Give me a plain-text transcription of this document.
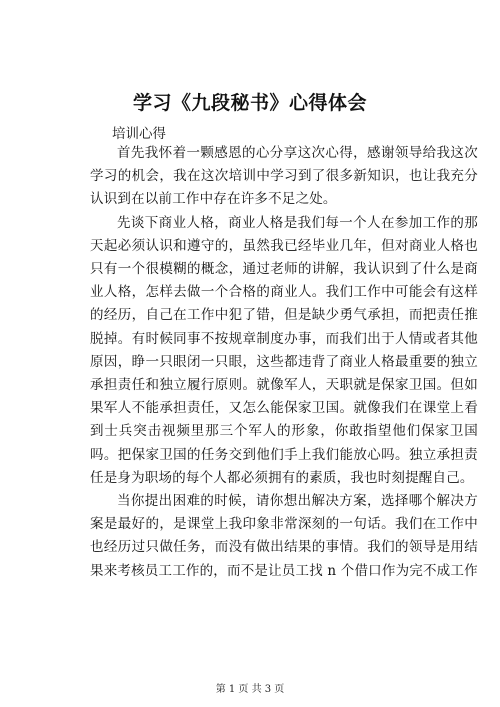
学习《九段秘书》心得体会
培训心得

首先我怀着一颗感恩的心分享这次心得，感谢领导给我这次学习的机会，我在这次培训中学习到了很多新知识，也让我充分认识到在以前工作中存在许多不足之处。

先谈下商业人格，商业人格是我们每一个人在参加工作的那天起必须认识和遵守的，虽然我已经毕业几年，但对商业人格也只有一个很模糊的概念，通过老师的讲解，我认识到了什么是商业人格，怎样去做一个合格的商业人。我们工作中可能会有这样的经历，自己在工作中犯了错，但是缺少勇气承担，而把责任推脱掉。有时候同事不按规章制度办事，而我们出于人情或者其他原因，睁一只眼闭一只眼，这些都违背了商业人格最重要的独立承担责任和独立履行原则。就像军人，天职就是保家卫国。但如果军人不能承担责任，又怎么能保家卫国。就像我们在课堂上看到士兵突击视频里那三个军人的形象，你敢指望他们保家卫国吗。把保家卫国的任务交到他们手上我们能放心吗。独立承担责任是身为职场的每个人都必须拥有的素质，我也时刻提醒自己。

当你提出困难的时候，请你想出解决方案，选择哪个解决方案是最好的，是课堂上我印象非常深刻的一句话。我们在工作中也经历过只做任务，而没有做出结果的事情。我们的领导是用结果来考核员工工作的，而不是让员工找 n 个借口作为完不成工作

第 1 页 共 3 页
